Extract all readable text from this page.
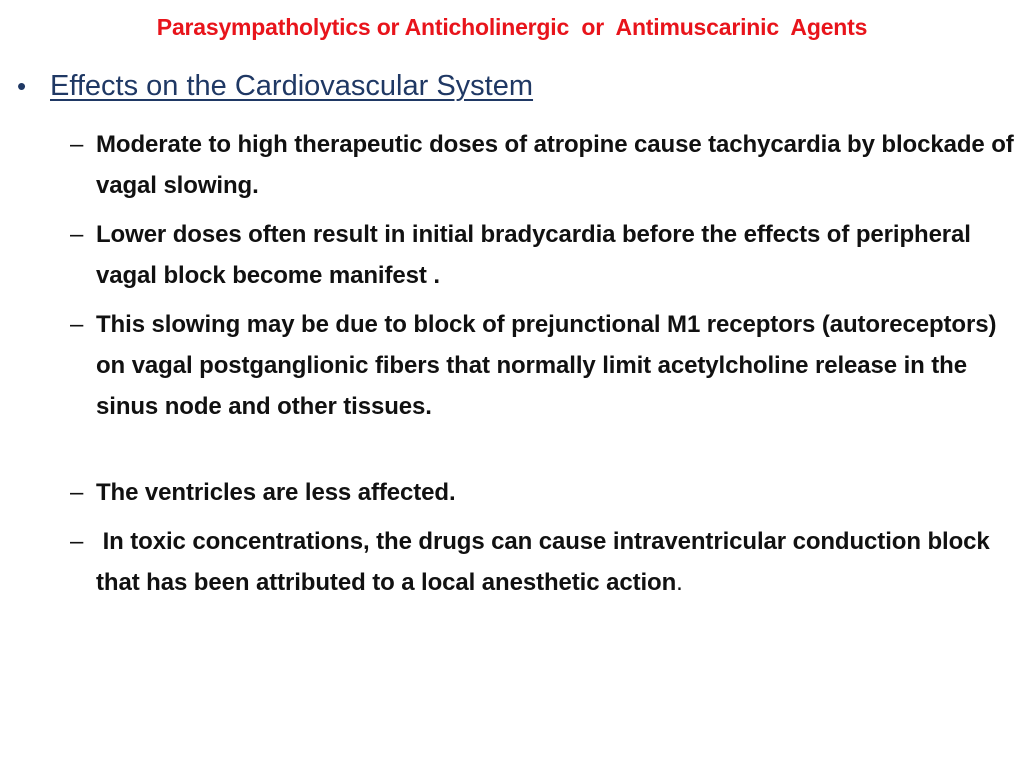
Parasympatholytics or Anticholinergic  or  Antimuscarinic  Agents
• Effects on the Cardiovascular System
– Moderate to high therapeutic doses of atropine cause tachycardia by blockade of vagal slowing.
– Lower doses often result in initial bradycardia before the effects of peripheral vagal block become manifest .
– This slowing may be due to block of prejunctional M1 receptors (autoreceptors) on vagal postganglionic fibers that normally limit acetylcholine release in the sinus node and other tissues.
– The ventricles are less affected.
– In toxic concentrations, the drugs can cause intraventricular conduction block that has been attributed to a local anesthetic action.
